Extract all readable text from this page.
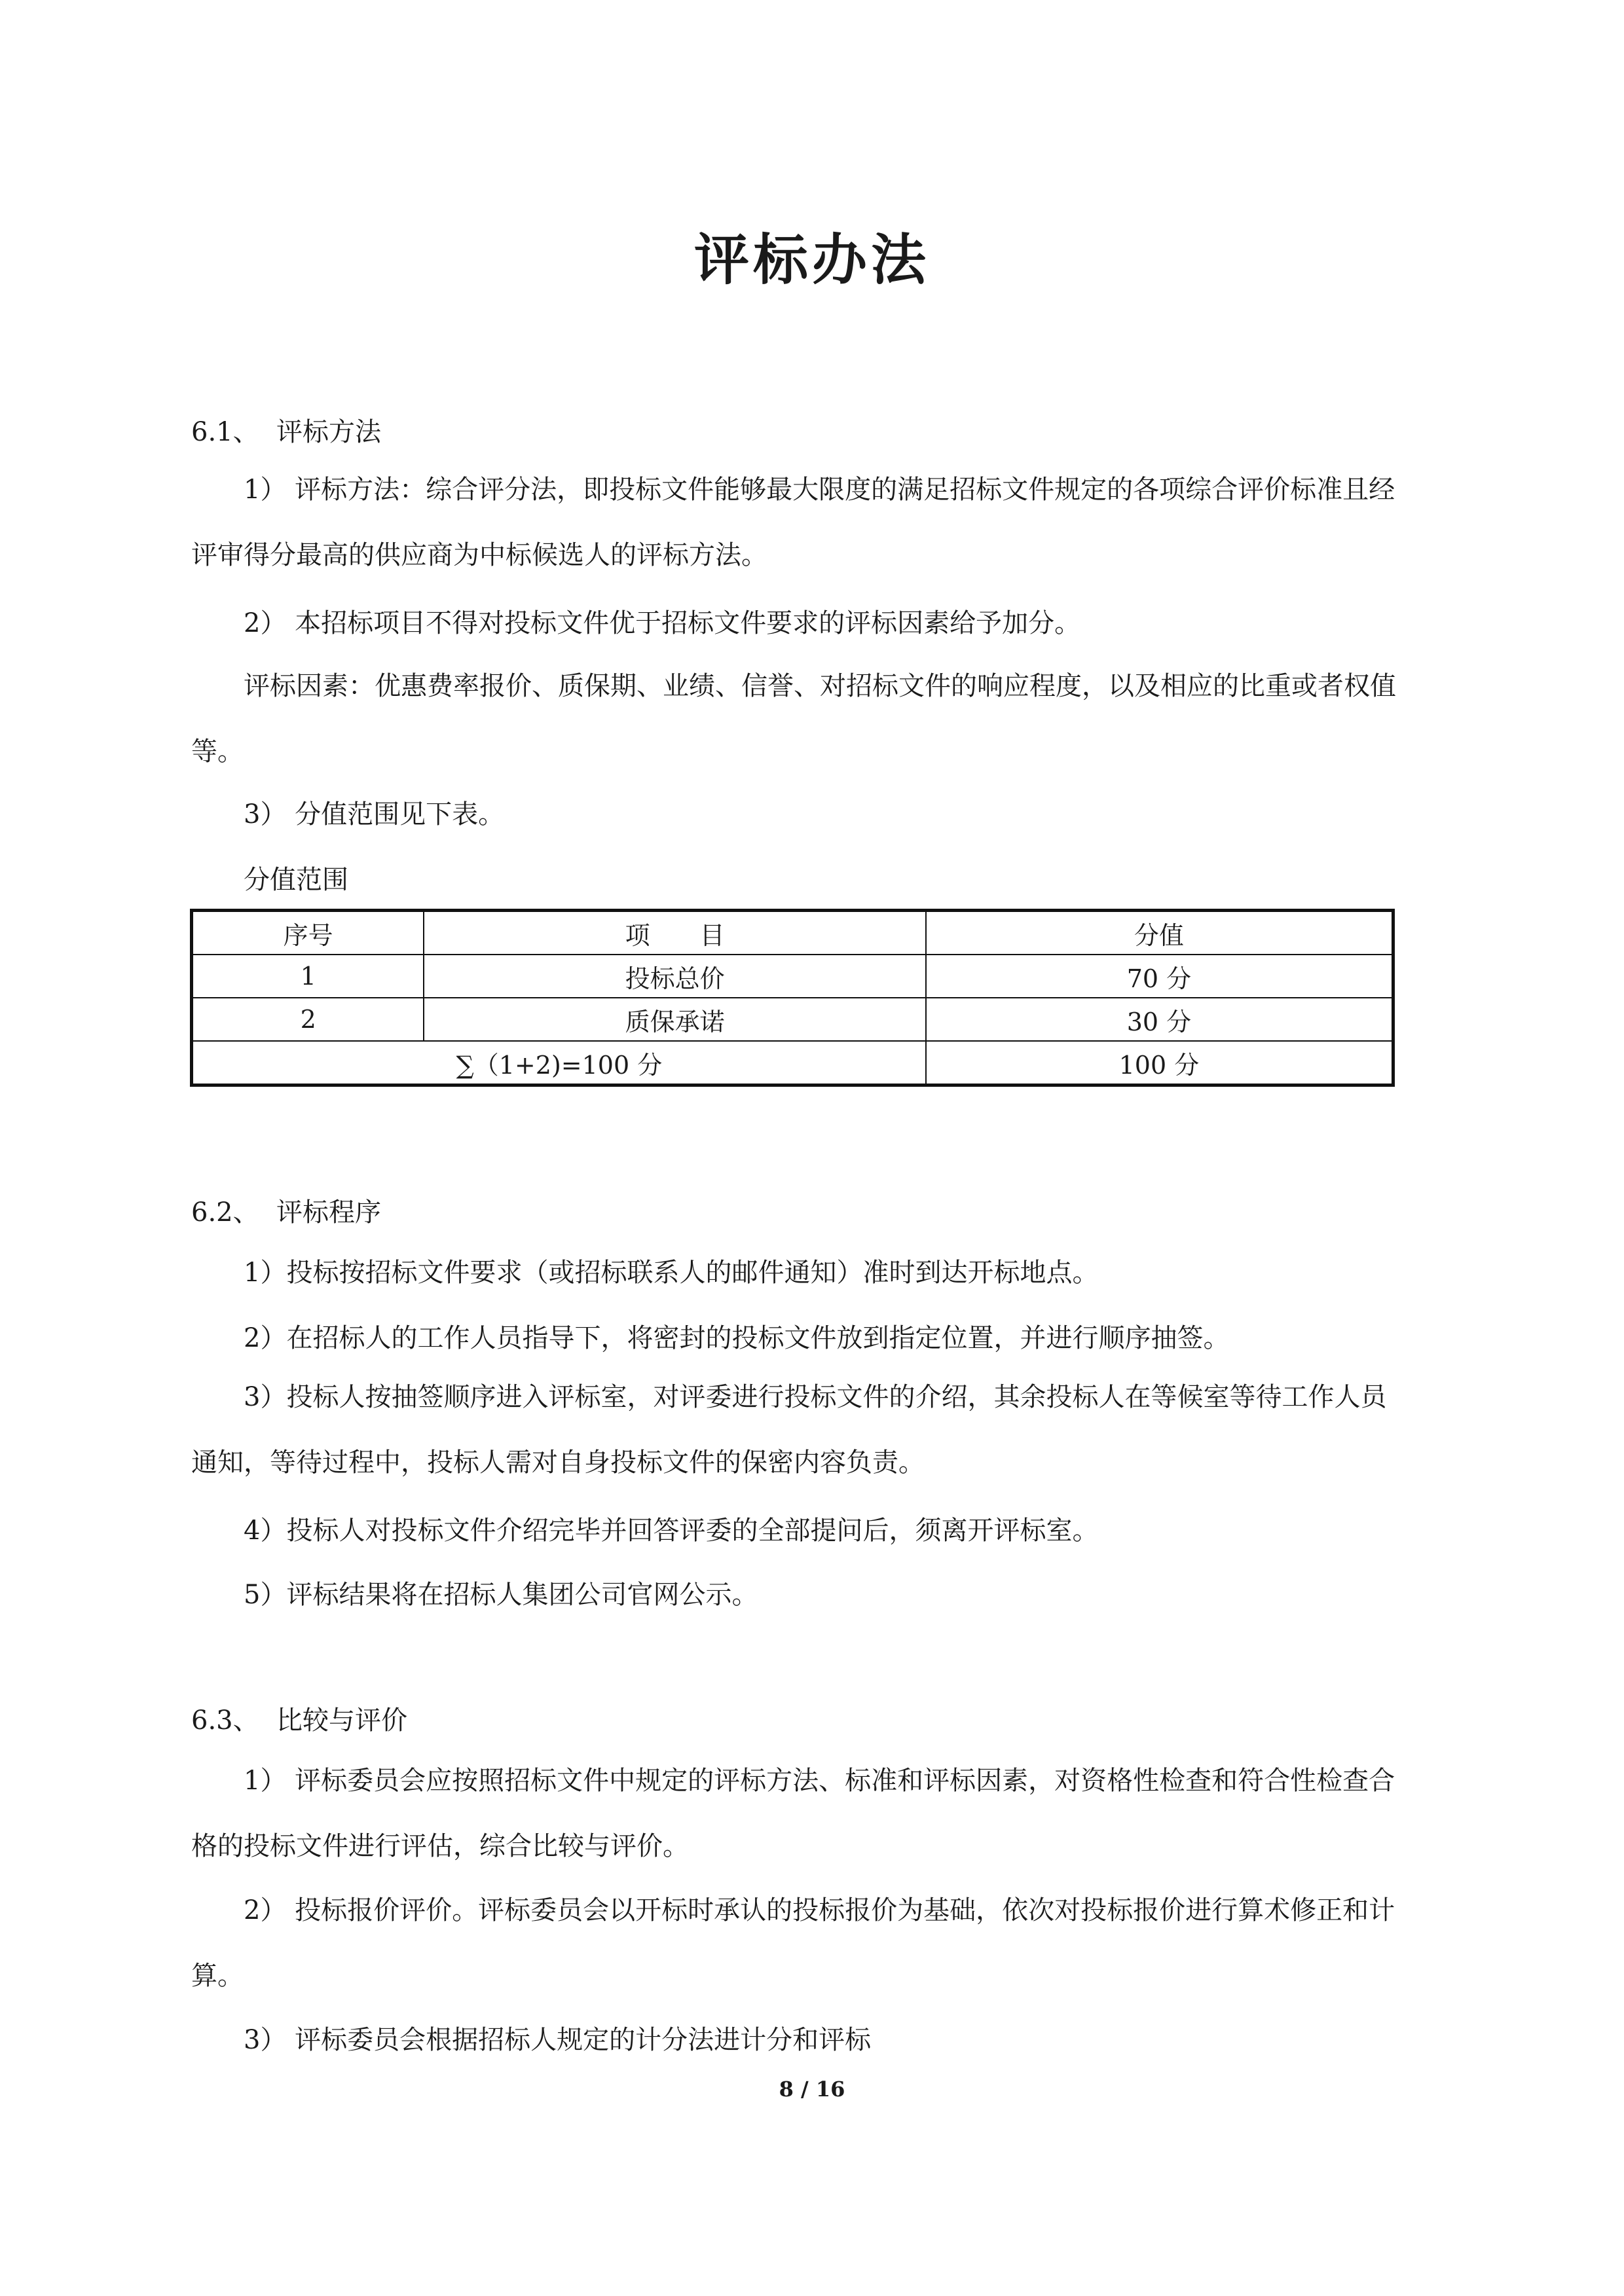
评标办法
6.1、 评标方法

1） 评标方法：综合评分法，即投标文件能够最大限度的满足招标文件规定的各项综合评价标准且经评审得分最高的供应商为中标候选人的评标方法。

2） 本招标项目不得对投标文件优于招标文件要求的评标因素给予加分。

评标因素：优惠费率报价、质保期、业绩、信誉、对招标文件的响应程度，以及相应的比重或者权值等。

3） 分值范围见下表。

分值范围

序号	项　　目	分值
1	投标总价	70 分
2	质保承诺	30 分
∑（1+2)=100 分		100 分
6.2、 评标程序

1）投标按招标文件要求（或招标联系人的邮件通知）准时到达开标地点。

2）在招标人的工作人员指导下，将密封的投标文件放到指定位置，并进行顺序抽签。

3）投标人按抽签顺序进入评标室，对评委进行投标文件的介绍，其余投标人在等候室等待工作人员通知，等待过程中，投标人需对自身投标文件的保密内容负责。

4）投标人对投标文件介绍完毕并回答评委的全部提问后，须离开评标室。

5）评标结果将在招标人集团公司官网公示。

6.3、 比较与评价

1） 评标委员会应按照招标文件中规定的评标方法、标准和评标因素，对资格性检查和符合性检查合格的投标文件进行评估，综合比较与评价。

2） 投标报价评价。评标委员会以开标时承认的投标报价为基础，依次对投标报价进行算术修正和计算。

3） 评标委员会根据招标人规定的计分法进计分和评标

8 / 16
